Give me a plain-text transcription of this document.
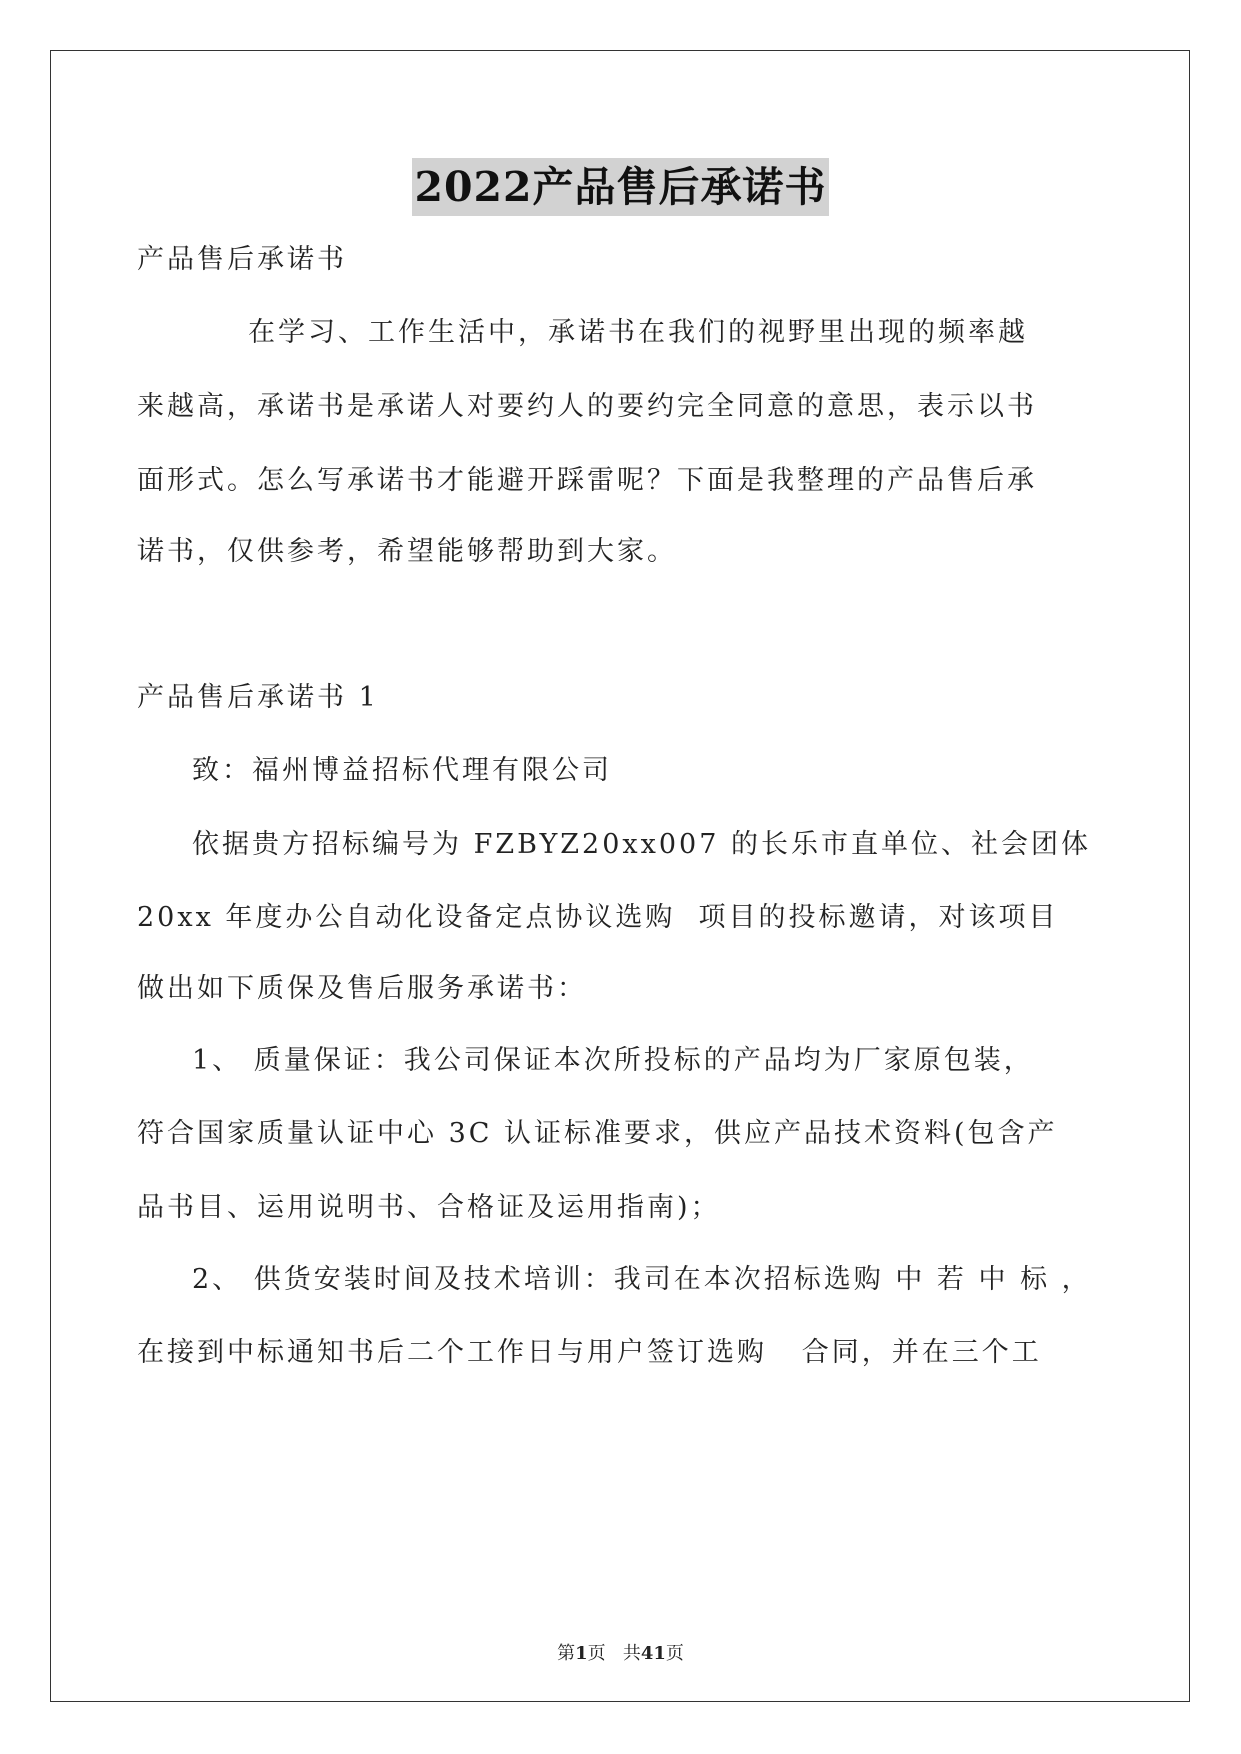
2022产品售后承诺书
产品售后承诺书
在学习、工作生活中，承诺书在我们的视野里出现的频率越
来越高，承诺书是承诺人对要约人的要约完全同意的意思，表示以书
面形式。怎么写承诺书才能避开踩雷呢？下面是我整理的产品售后承
诺书，仅供参考，希望能够帮助到大家。
产品售后承诺书 1
致：福州博益招标代理有限公司
依据贵方招标编号为 FZBYZ20xx007 的长乐市直单位、社会团体
20xx 年度办公自动化设备定点协议选购  项目的投标邀请，对该项目
做出如下质保及售后服务承诺书：
1、 质量保证：我公司保证本次所投标的产品均为厂家原包装，
符合国家质量认证中心 3C 认证标准要求，供应产品技术资料(包含产
品书目、运用说明书、合格证及运用指南)；
2、 供货安装时间及技术培训：我司在本次招标选购 中 若 中 标 ，
在接到中标通知书后二个工作日与用户签订选购   合同，并在三个工
第1页 共41页
